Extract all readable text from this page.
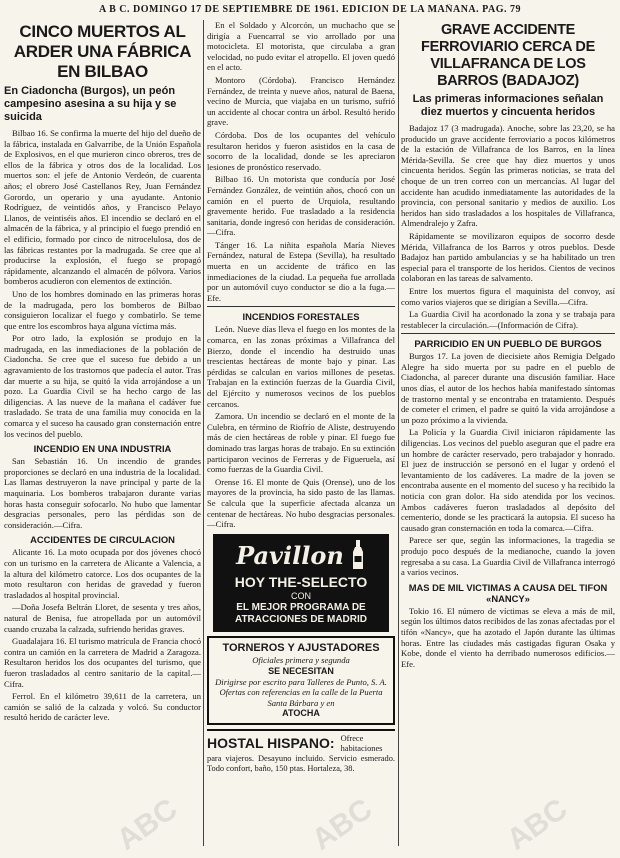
A B C. DOMINGO 17 DE SEPTIEMBRE DE 1961. EDICION DE LA MAÑANA. PAG. 79
CINCO MUERTOS AL ARDER UNA FÁBRICA EN BILBAO
En Ciadoncha (Burgos), un peón campesino asesina a su hija y se suicida

Bilbao 16. Se confirma la muerte del hijo del dueño de la fábrica, instalada en Galvarribe, de la Unión Española de Explosivos, en el que murieron cinco obreros, tres de ellos de la fábrica y otros dos de la localidad. Los muertos son: el jefe de Antonio Verdeón, de cuarenta años; el obrero José Castellanos Rey, Juan Fernández Gorordo, un operario y una ayudante. Antonio Rodríguez, de veintidós años, y Francisco Pelayo Llanos, de veintiséis años. El incendio se declaró en el almacén de la fábrica, y al principio el fuego prendió en el edificio, formado por cinco de nitrocelulosa, dos de las fábricas restantes por la madrugada. Se cree que al producirse la explosión, el fuego se propagó rápidamente, alcanzando el almacén de pólvora. Varios bomberos acudieron con elementos de extinción.

Uno de los hombres dominado en las primeras horas de la madrugada, pero los bomberos de Bilbao consiguieron localizar el fuego y combatirlo. Se teme que entre los escombros haya alguna víctima más.

Por otro lado, la explosión se produjo en la madrugada, en las inmediaciones de la población de Ciadoncha. Se cree que el suceso fue debido a un agravamiento de los trastornos que padecía el autor. Tras dar muerte a su hija, se quitó la vida arrojándose a un pozo. La Guardia Civil se ha hecho cargo de las diligencias. A las nueve de la mañana el cadáver fue trasladado. Se trata de una familia muy conocida en la comarca y el suceso ha causado gran consternación entre los vecinos del pueblo.

INCENDIO EN UNA INDUSTRIA

San Sebastián 16. Un incendio de grandes proporciones se declaró en una industria de la localidad. Las llamas destruyeron la nave principal y parte de la maquinaria. Los bomberos trabajaron durante varias horas hasta conseguir sofocarlo. No hubo que lamentar desgracias personales, pero las pérdidas son de consideración.—Cifra.

ACCIDENTES DE CIRCULACION

Alicante 16. La moto ocupada por dos jóvenes chocó con un turismo en la carretera de Alicante a Valencia, a la altura del kilómetro catorce. Los dos ocupantes de la moto resultaron con heridas de gravedad y fueron trasladados al hospital provincial.

—Doña Josefa Beltrán Lloret, de sesenta y tres años, natural de Benisa, fue atropellada por un automóvil cuando cruzaba la calzada, sufriendo heridas graves.

Guadalajara 16. El turismo matrícula de Francia chocó contra un camión en la carretera de Madrid a Zaragoza. Resultaron heridos los dos ocupantes del turismo, que fueron trasladados al centro sanitario de la capital.—Cifra.

Ferrol. En el kilómetro 39,611 de la carretera, un camión se salió de la calzada y volcó. Su conductor resultó herido de carácter leve.

En el Soldado y Alcorcón, un muchacho que se dirigía a Fuencarral se vio arrollado por una motocicleta. El motorista, que circulaba a gran velocidad, no pudo evitar el atropello. El joven quedó en el acto.

Montoro (Córdoba). Francisco Hernández Fernández, de treinta y nueve años, natural de Baena, vecino de Murcia, que viajaba en un turismo, sufrió un accidente al chocar contra un árbol. Resultó herido grave.

Córdoba. Dos de los ocupantes del vehículo resultaron heridos y fueron asistidos en la casa de socorro de la localidad, donde se les apreciaron lesiones de pronóstico reservado.

Bilbao 16. Un motorista que conducía por José Fernández González, de veintiún años, chocó con un camión en el puerto de Urquiola, resultando gravemente herido. Fue trasladado a la residencia sanitaria, donde ingresó con heridas de consideración.—Cifra.

Tánger 16. La niñita española María Nieves Fernández, natural de Estepa (Sevilla), ha resultado muerta en un accidente de tráfico en las inmediaciones de la ciudad. La pequeña fue arrollada por un automóvil cuyo conductor se dio a la fuga.—Efe.

INCENDIOS FORESTALES

León. Nueve días lleva el fuego en los montes de la comarca, en las zonas próximas a Villafranca del Bierzo, donde el incendio ha destruido unas trescientas hectáreas de monte bajo y pinar. Las pérdidas se calculan en varios millones de pesetas. Trabajan en la extinción fuerzas de la Guardia Civil, del Ejército y numerosos vecinos de los pueblos cercanos.

Zamora. Un incendio se declaró en el monte de la Culebra, en término de Riofrío de Aliste, destruyendo más de cien hectáreas de roble y pinar. El fuego fue dominado tras largas horas de trabajo. En su extinción participaron vecinos de Ferreras y de Figueruela, así como fuerzas de la Guardia Civil.

Orense 16. El monte de Quis (Orense), uno de los mayores de la provincia, ha sido pasto de las llamas. Se calcula que la superficie afectada alcanza un centenar de hectáreas. No hubo desgracias personales.—Cifra.

Pavillon
HOY THE-SELECTO
CON
EL MEJOR PROGRAMA DE ATRACCIONES DE MADRID
TORNEROS Y AJUSTADORES
Oficiales primera y segunda
SE NECESITAN
Dirigirse por escrito para Talleres de Punto, S. A. Ofertas con referencias en la calle de la Puerta Santa Bárbara y en
ATOCHA
HOSTAL HISPANO: Ofrece habitaciones para viajeros. Desayuno incluido. Servicio esmerado. Todo confort, baño, 150 ptas. Hortaleza, 38.
GRAVE ACCIDENTE FERROVIARIO CERCA DE VILLAFRANCA DE LOS BARROS (BADAJOZ)
Las primeras informaciones señalan diez muertos y cincuenta heridos

Badajoz 17 (3 madrugada). Anoche, sobre las 23,20, se ha producido un grave accidente ferroviario a pocos kilómetros de la estación de Villafranca de los Barros, en la línea Mérida-Sevilla. Se cree que hay diez muertos y unos cincuenta heridos. Según las primeras noticias, se trata del choque de un tren correo con un mercancías. Al lugar del accidente han acudido inmediatamente las autoridades de la provincia, con personal sanitario y medios de auxilio. Los heridos han sido trasladados a los hospitales de Villafranca, Almendralejo y Zafra.

Rápidamente se movilizaron equipos de socorro desde Mérida, Villafranca de los Barros y otros pueblos. Desde Badajoz han partido ambulancias y se ha habilitado un tren especial para el transporte de los heridos. Cientos de vecinos colaboran en las tareas de salvamento.

Entre los muertos figura el maquinista del convoy, así como varios viajeros que se dirigían a Sevilla.—Cifra.

La Guardia Civil ha acordonado la zona y se trabaja para restablecer la circulación.—(Información de Cifra).

PARRICIDIO EN UN PUEBLO DE BURGOS

Burgos 17. La joven de diecisiete años Remigia Delgado Alegre ha sido muerta por su padre en el pueblo de Ciadoncha, al parecer durante una discusión familiar. Hace unos días, el autor de los hechos había manifestado síntomas de trastorno mental y se encontraba en tratamiento. Después de cometer el crimen, el padre se quitó la vida arrojándose a un pozo próximo a la vivienda.

La Policía y la Guardia Civil iniciaron rápidamente las diligencias. Los vecinos del pueblo aseguran que el padre era un hombre de carácter reservado, pero trabajador y honrado. El juez de instrucción se personó en el lugar y ordenó el levantamiento de los cadáveres. La madre de la joven se encontraba ausente en el momento del suceso y ha recibido la noticia con gran dolor. Ha sido atendida por los vecinos. Ambos cadáveres fueron trasladados al depósito del cementerio, donde se les practicará la autopsia. El suceso ha causado gran consternación en toda la comarca.—Cifra.

Parece ser que, según las informaciones, la tragedia se produjo poco después de la medianoche, cuando la joven regresaba a su casa. La Guardia Civil de Villafranca interrogó a varios vecinos.

MAS DE MIL VICTIMAS A CAUSA DEL TIFON «NANCY»

Tokio 16. El número de víctimas se eleva a más de mil, según los últimos datos recibidos de las zonas afectadas por el tifón «Nancy», que ha azotado el Japón durante las últimas horas. Entre las ciudades más castigadas figuran Osaka y Kobe, donde el viento ha derribado numerosos edificios.—Efe.

ABC	ABC	ABC
